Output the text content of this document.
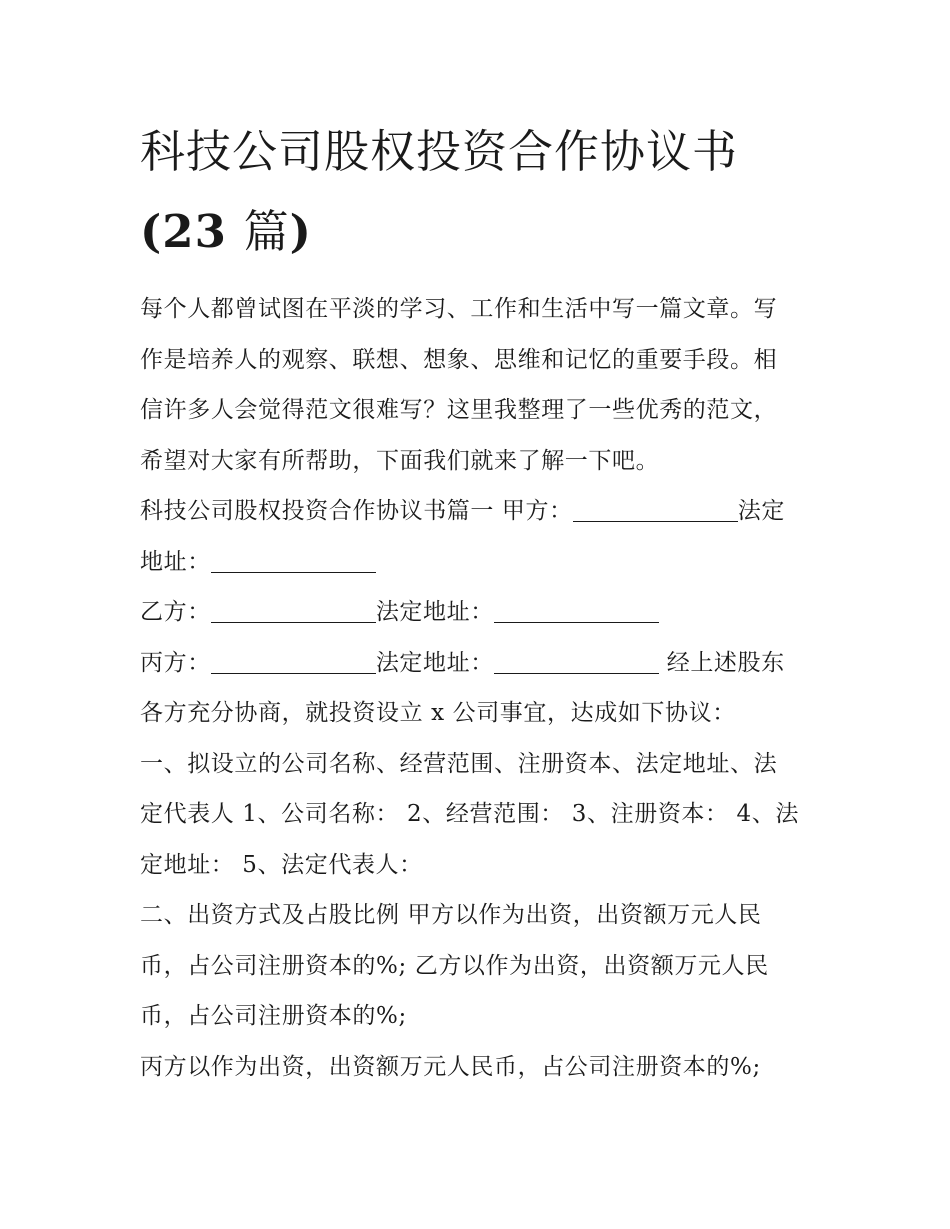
科技公司股权投资合作协议书
(23 篇)

每个人都曾试图在平淡的学习、工作和生活中写一篇文章。写
作是培养人的观察、联想、想象、思维和记忆的重要手段。相
信许多人会觉得范文很难写？这里我整理了一些优秀的范文，
希望对大家有所帮助，下面我们就来了解一下吧。

科技公司股权投资合作协议书篇一 甲方：	法定
地址：

乙方：	法定地址：

丙方：	法定地址：	经上述股东
各方充分协商，就投资设立 x 公司事宜，达成如下协议：

一、拟设立的公司名称、经营范围、注册资本、法定地址、法
定代表人 1、公司名称： 2、经营范围： 3、注册资本： 4、法
定地址： 5、法定代表人：

二、出资方式及占股比例 甲方以作为出资，出资额万元人民
币，占公司注册资本的%; 乙方以作为出资，出资额万元人民
币，占公司注册资本的%;

丙方以作为出资，出资额万元人民币，占公司注册资本的%;
